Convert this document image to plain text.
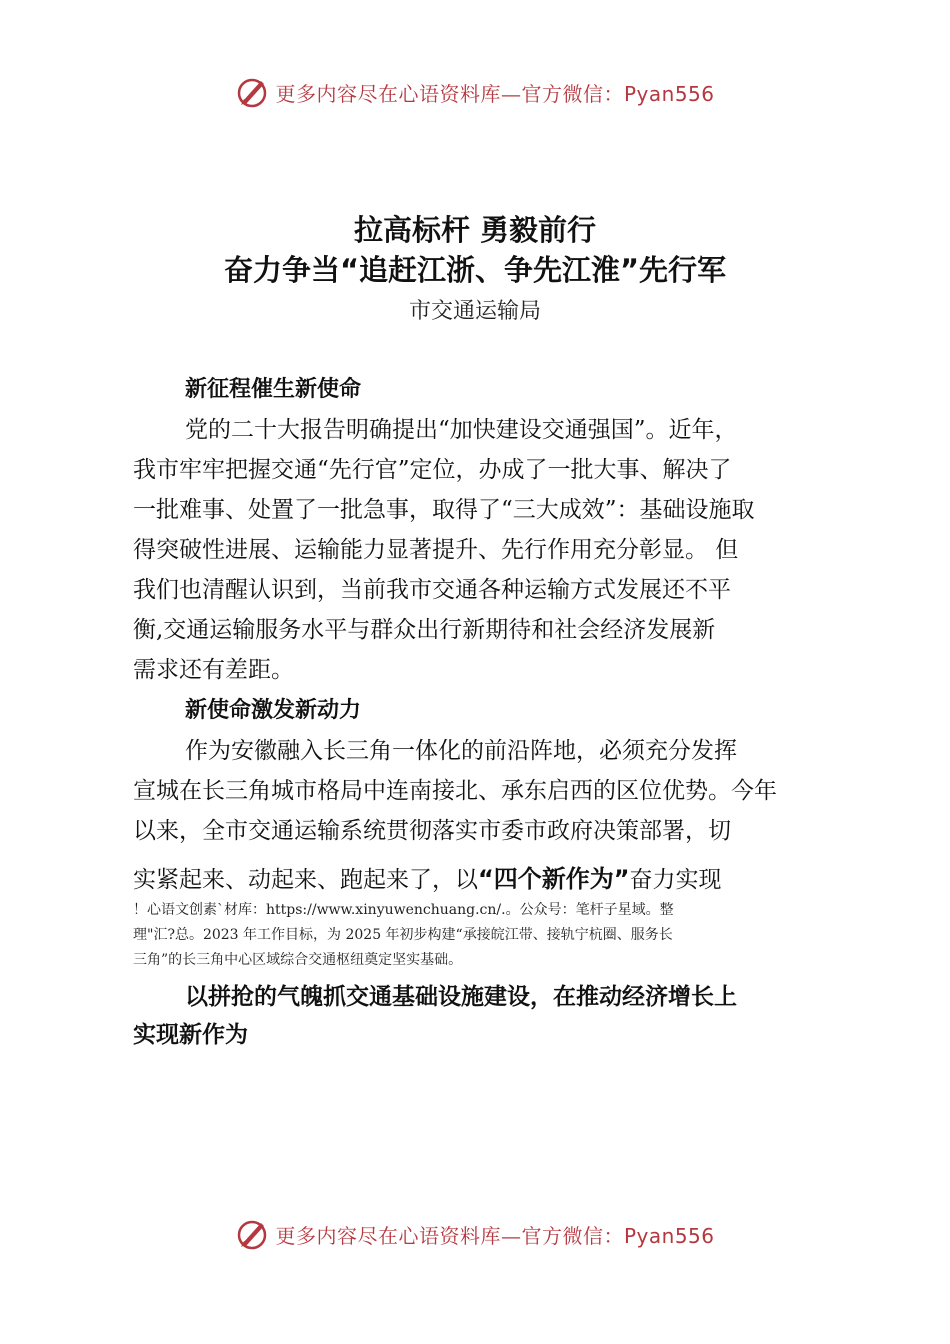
更多内容尽在心语资料库—官方微信：Pyan556
拉高标杆 勇毅前行
奋力争当“追赶江浙、争先江淮”先行军
市交通运输局
新征程催生新使命
党的二十大报告明确提出“加快建设交通强国”。近年，
我市牢牢把握交通“先行官”定位，办成了一批大事、解决了
一批难事、处置了一批急事，取得了“三大成效”：基础设施取
得突破性进展、运输能力显著提升、先行作用充分彰显。 但
我们也清醒认识到，当前我市交通各种运输方式发展还不平
衡,交通运输服务水平与群众出行新期待和社会经济发展新
需求还有差距。
新使命激发新动力
作为安徽融入长三角一体化的前沿阵地，必须充分发挥
宣城在长三角城市格局中连南接北、承东启西的区位优势。今年
以来，全市交通运输系统贯彻落实市委市政府决策部署，切
实紧起来、动起来、跑起来了，以“四个新作为”奋力实现
！心语文创素`材库：https://www.xinyuwenchuang.cn/.。公众号：笔杆子星域。整
理"汇?总。2023 年工作目标，为 2025 年初步构建“承接皖江带、接轨宁杭圈、服务长
三角”的长三角中心区域综合交通枢纽奠定坚实基础。
以拼抢的气魄抓交通基础设施建设，在推动经济增长上
实现新作为
更多内容尽在心语资料库—官方微信：Pyan556
